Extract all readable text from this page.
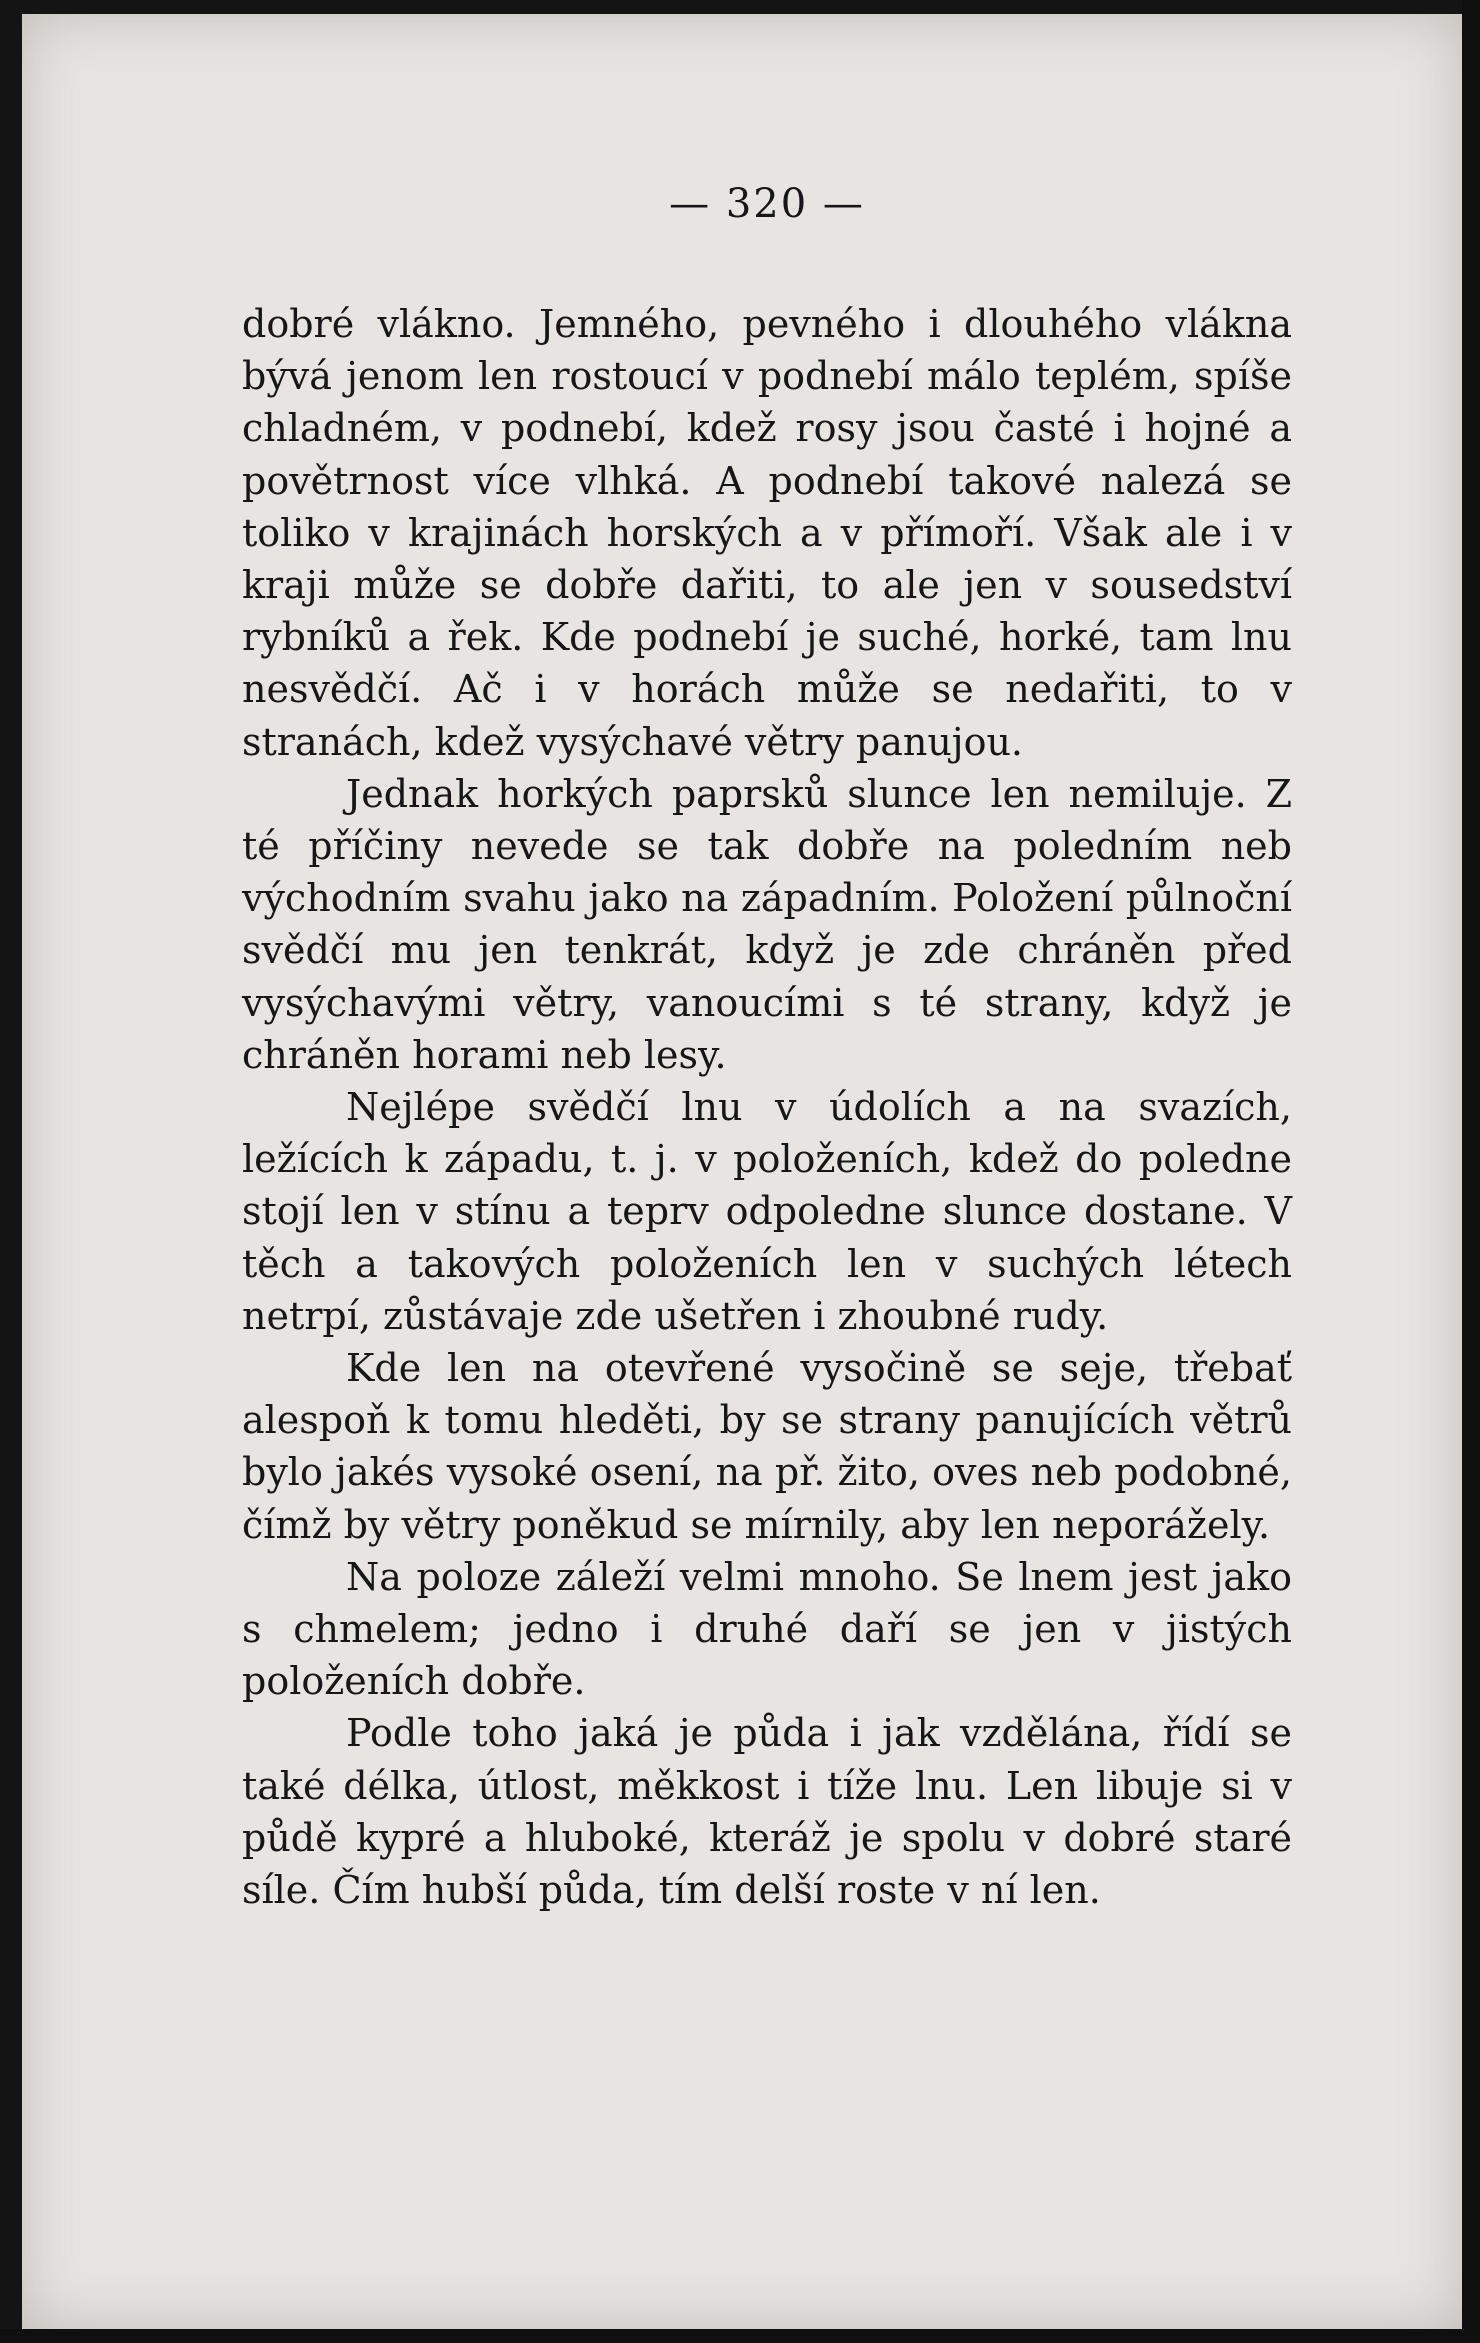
— 320 —

dobré vlákno. Jemného, pevného i dlouhého vlákna bývá jenom len rostoucí v podnebí málo teplém, spíše chladném, v podnebí, kdež rosy jsou časté i hojné a povětrnost více vlhká. A podnebí takové nalezá se toliko v krajinách horských a v přímoří. Však ale i v kraji může se dobře dařiti, to ale jen v sousedství rybníků a řek. Kde podnebí je suché, horké, tam lnu nesvědčí. Ač i v horách může se nedařiti, to v stranách, kdež vysýchavé větry panujou.

Jednak horkých paprsků slunce len nemiluje. Z té příčiny nevede se tak dobře na poledním neb východním svahu jako na západním. Položení půlnoční svědčí mu jen tenkrát, když je zde chráněn před vysýchavými větry, vanoucími s té strany, když je chráněn horami neb lesy.

Nejlépe svědčí lnu v údolích a na svazích, ležících k západu, t. j. v položeních, kdež do poledne stojí len v stínu a teprv odpoledne slunce dostane. V těch a takových položeních len v suchých létech netrpí, zůstávaje zde ušetřen i zhoubné rudy.

Kde len na otevřené vysočině se seje, třebať alespoň k tomu hleděti, by se strany panujících větrů bylo jakés vysoké osení, na př. žito, oves neb podobné, čímž by větry poněkud se mírnily, aby len neporážely.

Na poloze záleží velmi mnoho. Se lnem jest jako s chmelem; jedno i druhé daří se jen v jistých položeních dobře.

Podle toho jaká je půda i jak vzdělána, řídí se také délka, útlost, měkkost i tíže lnu. Len libuje si v půdě kypré a hluboké, kteráž je spolu v dobré staré síle. Čím hubší půda, tím delší roste v ní len.
